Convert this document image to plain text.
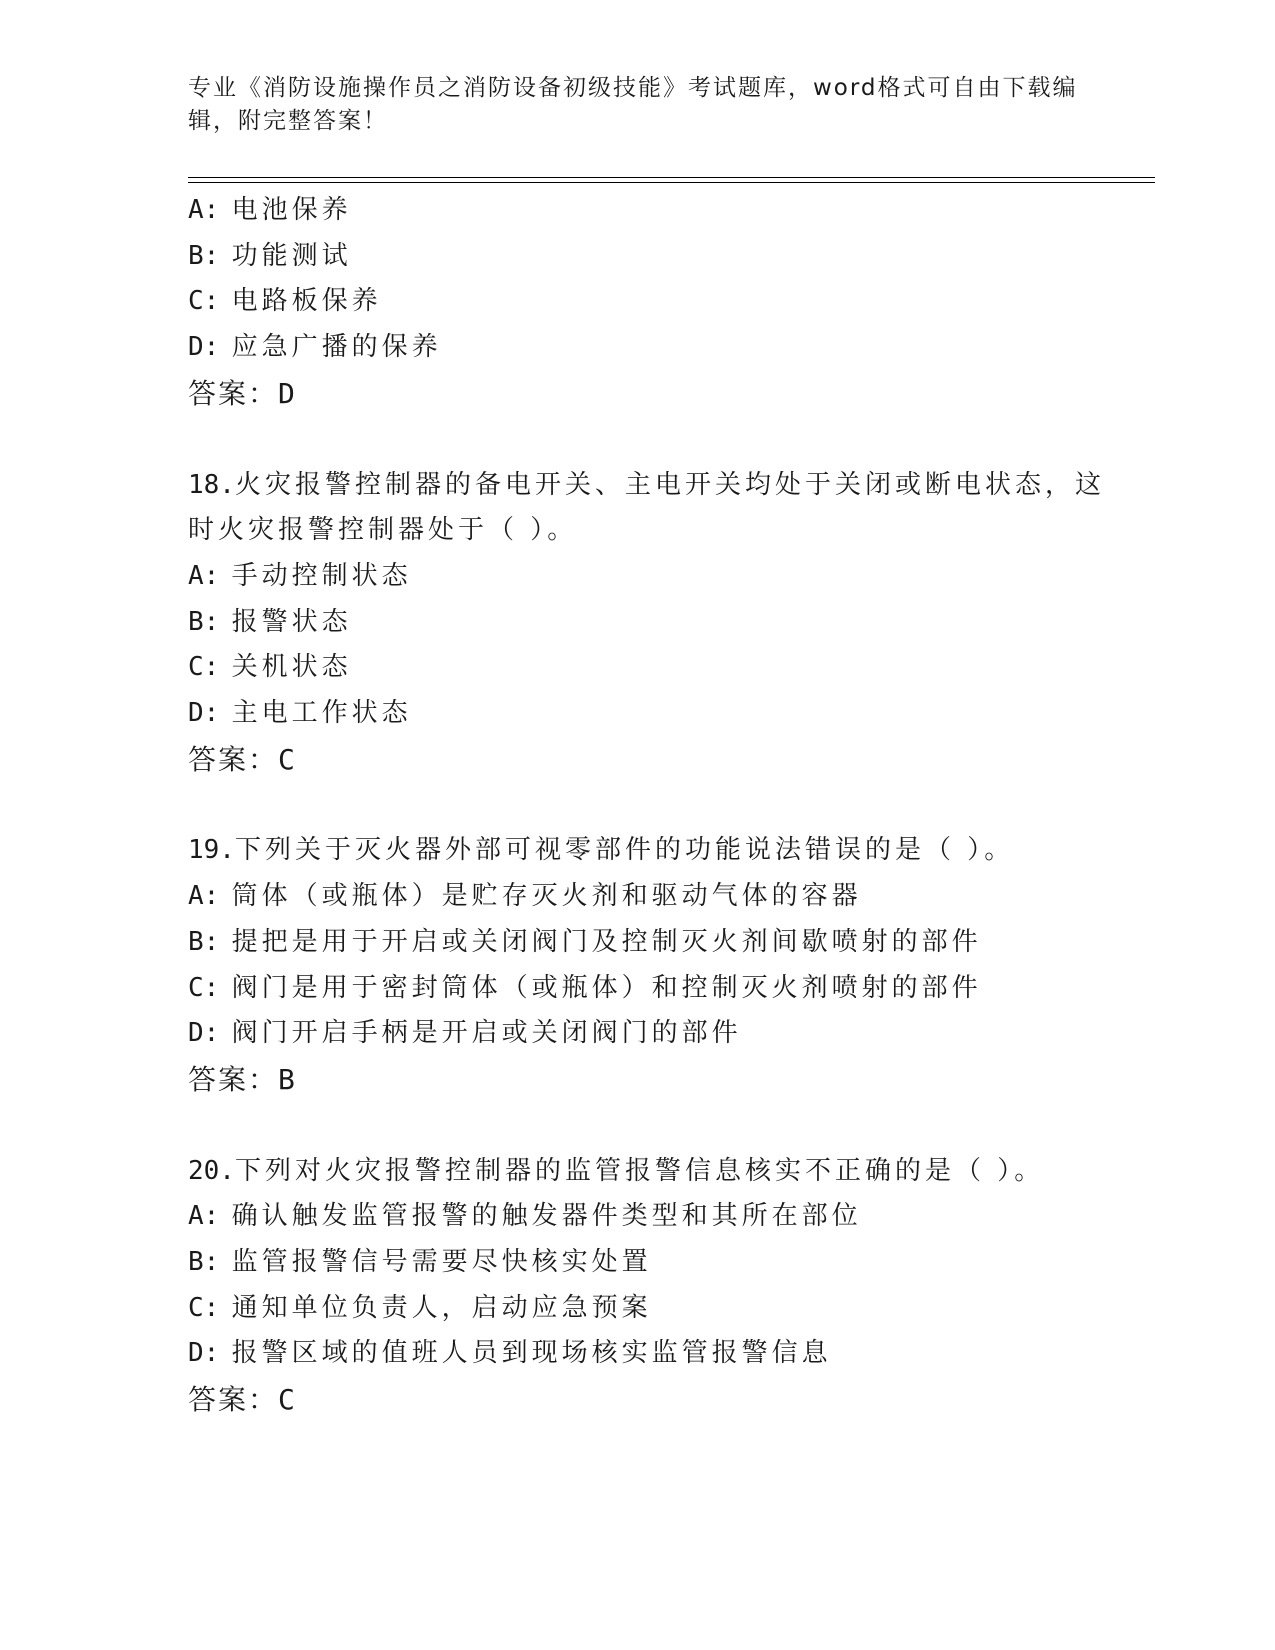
专业《消防设施操作员之消防设备初级技能》考试题库，word格式可自由下载编
辑，附完整答案！
A: 电池保养
B: 功能测试
C: 电路板保养
D: 应急广播的保养
答案：D
18.火灾报警控制器的备电开关、主电开关均处于关闭或断电状态，这
时火灾报警控制器处于（ ）。
A: 手动控制状态
B: 报警状态
C: 关机状态
D: 主电工作状态
答案：C
19.下列关于灭火器外部可视零部件的功能说法错误的是（ ）。
A: 筒体（或瓶体）是贮存灭火剂和驱动气体的容器
B: 提把是用于开启或关闭阀门及控制灭火剂间歇喷射的部件
C: 阀门是用于密封筒体（或瓶体）和控制灭火剂喷射的部件
D: 阀门开启手柄是开启或关闭阀门的部件
答案：B
20.下列对火灾报警控制器的监管报警信息核实不正确的是（ ）。
A: 确认触发监管报警的触发器件类型和其所在部位
B: 监管报警信号需要尽快核实处置
C: 通知单位负责人，启动应急预案
D: 报警区域的值班人员到现场核实监管报警信息
答案：C
